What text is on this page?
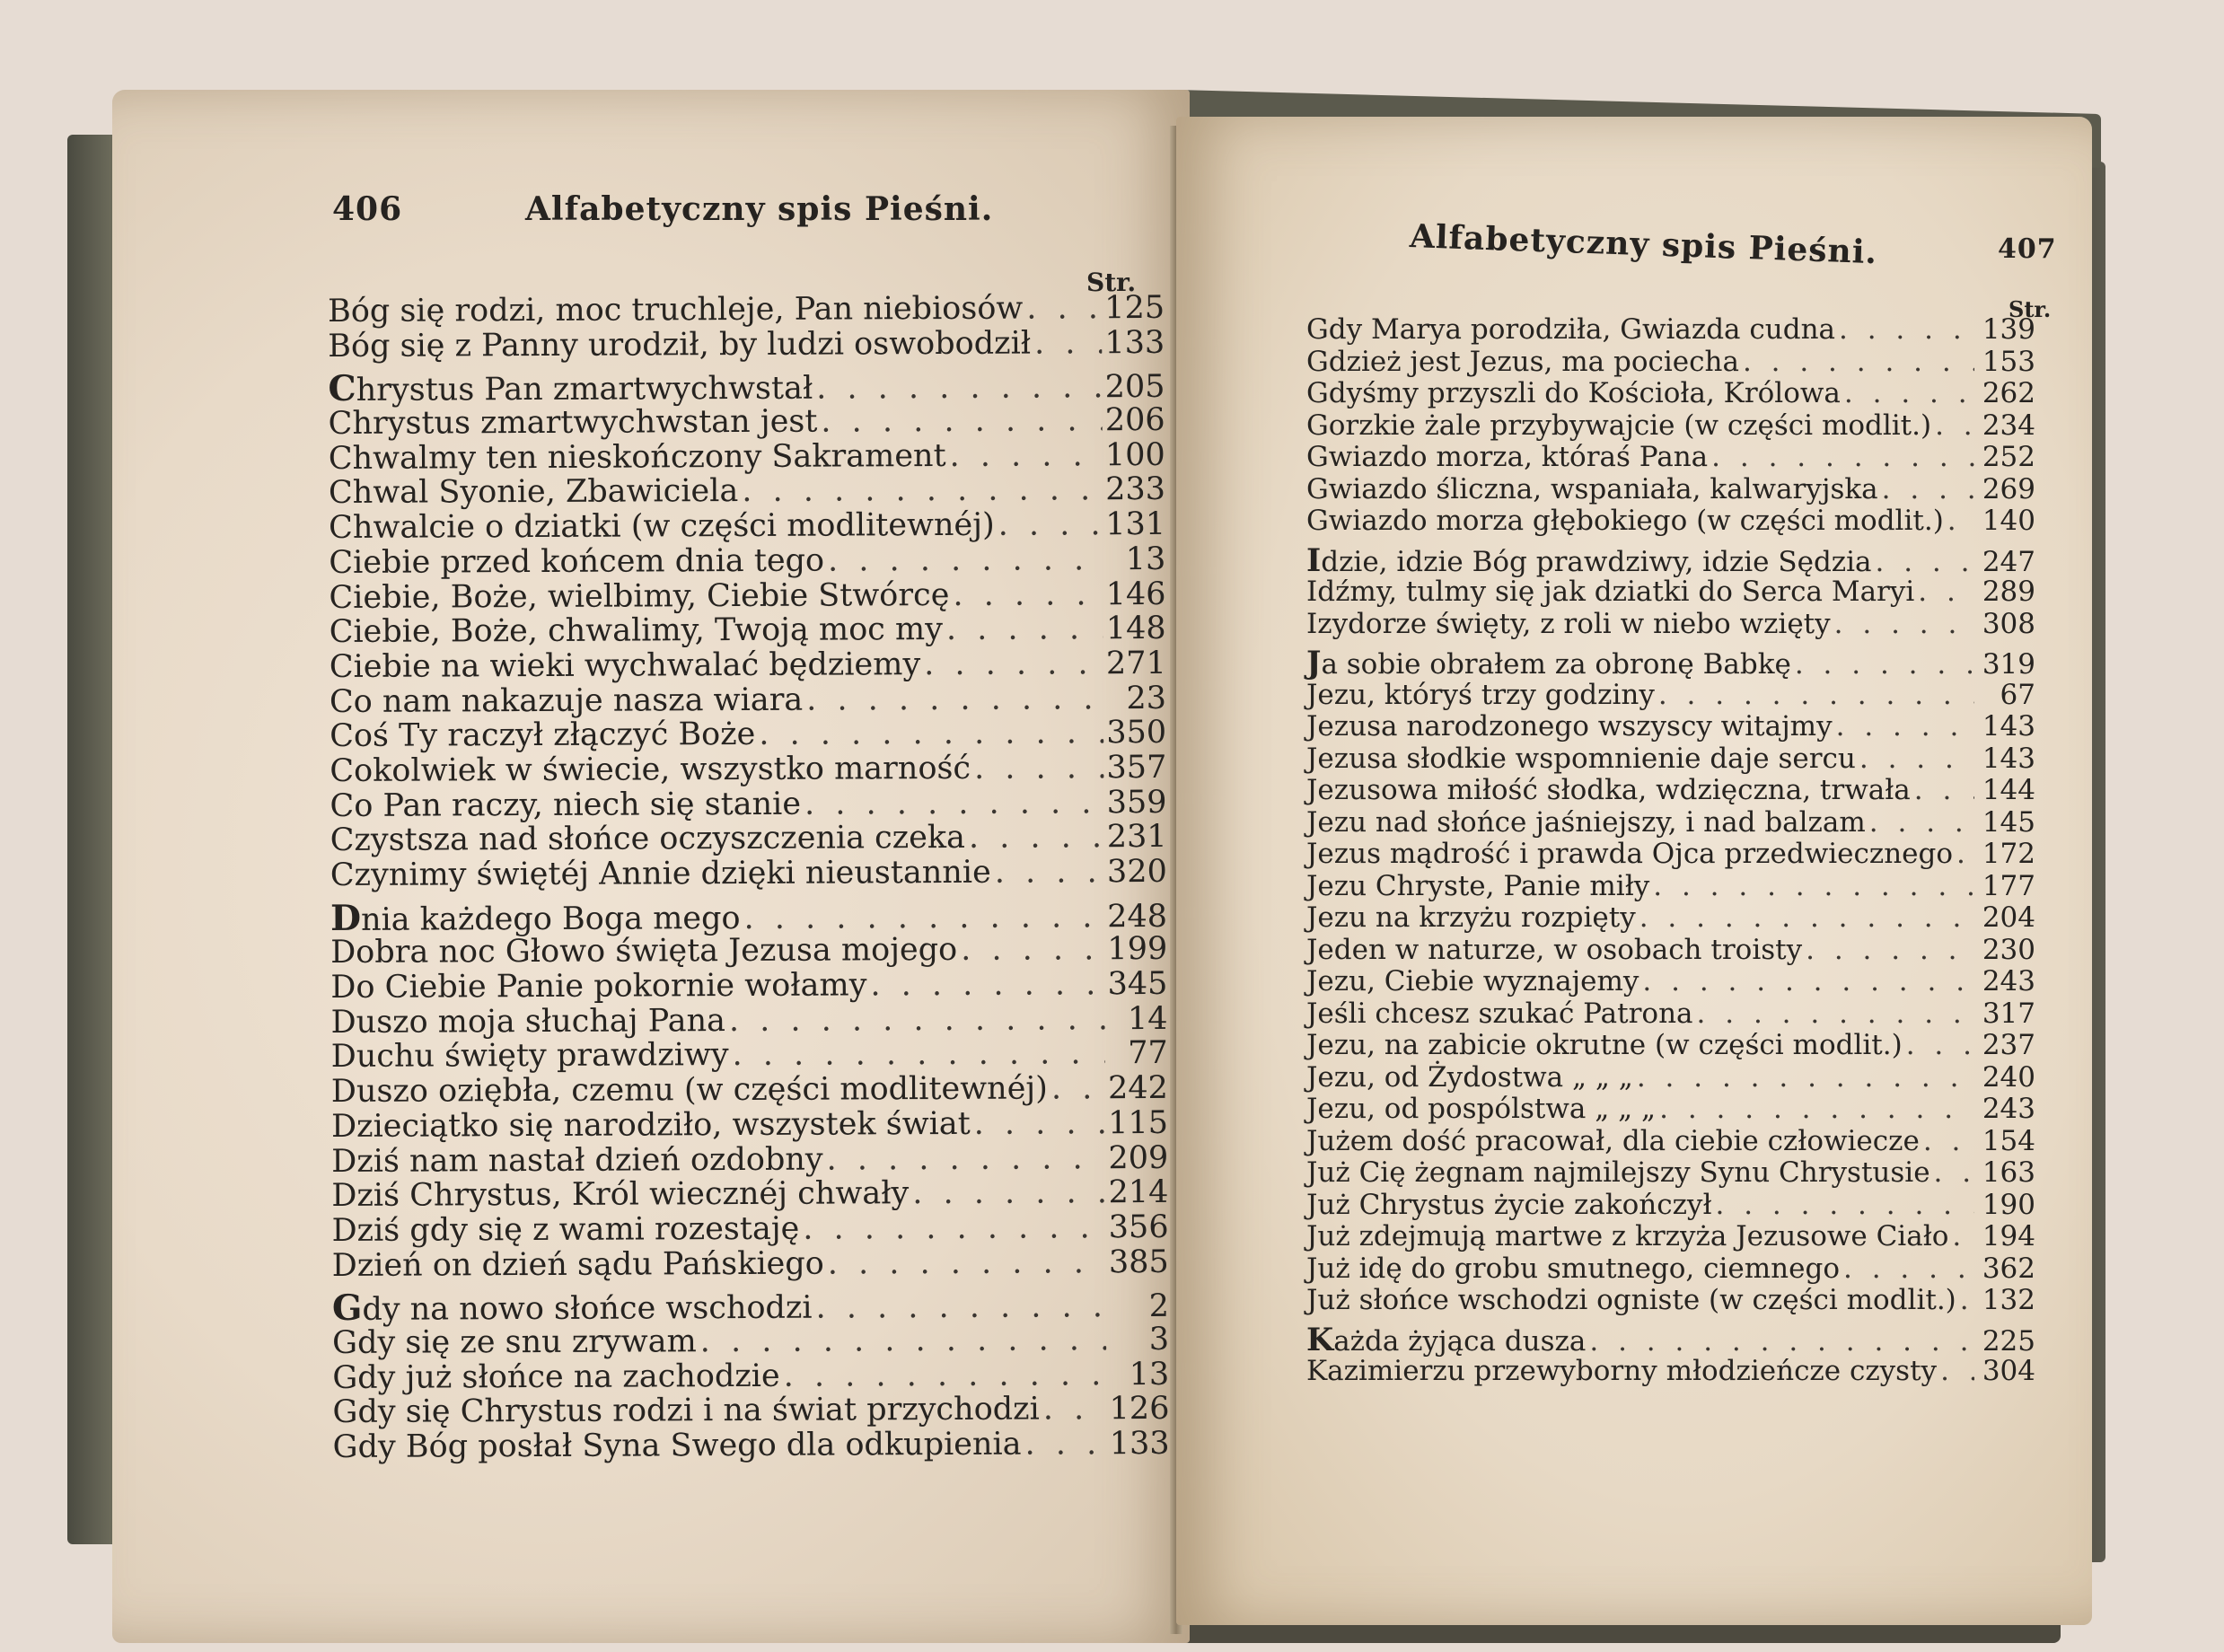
406	Alfabetyczny spis Pieśni.
Str.
Bóg się rodzi, moc truchleje, Pan niebiosów . . .	125
Bóg się z Panny urodził, by ludzi oswobodził . . . 133
Chrystus Pan zmartwychwstał . . .	205
Chrystus zmartwychwstan jest . . .	206
Chwalmy ten nieskończony Sakrament . . .	100
Chwal Syonie, Zbawiciela . . .	233
Chwalcie o dziatki (w części modlitewnéj) . . .	131
Ciebie przed końcem dnia tego . . .	13
Ciebie, Boże, wielbimy, Ciebie Stwórcę . . .	146
Ciebie, Boże, chwalimy, Twoją moc my . . .	148
Ciebie na wieki wychwalać będziemy . . .	271
Co nam nakazuje nasza wiara . . .	23
Coś Ty raczył złączyć Boże . . .	350
Cokolwiek w świecie, wszystko marność . . .	357
Co Pan raczy, niech się stanie . . .	359
Czystsza nad słońce oczyszczenia czeka . . .	231
Czynimy świętéj Annie dzięki nieustannie . . .	320
Dnia każdego Boga mego . . .	248
Dobra noc Głowo święta Jezusa mojego . . .	199
Do Ciebie Panie pokornie wołamy . . .	345
Duszo moja słuchaj Pana . . .	14
Duchu święty prawdziwy . . .	77
Duszo oziębła, czemu (w części modlitewnéj) . . . 242
Dzieciątko się narodziło, wszystek świat . . .	115
Dziś nam nastał dzień ozdobny . . .	209
Dziś Chrystus, Król wiecznéj chwały . . .	214
Dziś gdy się z wami rozestaję . . .	356
Dzień on dzień sądu Pańskiego . . .	385
Gdy na nowo słońce wschodzi . . .	2
Gdy się ze snu zrywam . . .	3
Gdy już słońce na zachodzie . . .	13
Gdy się Chrystus rodzi i na świat przychodzi . . . 126
Gdy Bóg posłał Syna Swego dla odkupienia . . .	133
Alfabetyczny spis Pieśni.	407
Str.
Gdy Marya porodziła, Gwiazda cudna . . .	139
Gdzież jest Jezus, ma pociecha . . .	153
Gdyśmy przyszli do Kościoła, Królowa . . .	262
Gorzkie żale przybywajcie (w części modlit.) . . . 234
Gwiazdo morza, któraś Pana . . .	252
Gwiazdo śliczna, wspaniała, kalwaryjska . . .	269
Gwiazdo morza głębokiego (w części modlit.) . . . 140
Idzie, idzie Bóg prawdziwy, idzie Sędzia . . .	247
Idźmy, tulmy się jak dziatki do Serca Maryi . . . 289
Izydorze święty, z roli w niebo wzięty . . .	308
Ja sobie obrałem za obronę Babkę . . .	319
Jezu, któryś trzy godziny . . .	67
Jezusa narodzonego wszyscy witajmy . . .	143
Jezusa słodkie wspomnienie daje sercu . . .	143
Jezusowa miłość słodka, wdzięczna, trwała . . .	144
Jezu nad słońce jaśniejszy, i nad balzam . . .	145
Jezus mądrość i prawda Ojca przedwiecznego . . . 172
Jezu Chryste, Panie miły . . .	177
Jezu na krzyżu rozpięty . . .	204
Jeden w naturze, w osobach troisty . . .	230
Jezu, Ciebie wyznajemy . . .	243
Jeśli chcesz szukać Patrona . . .	317
Jezu, na zabicie okrutne (w części modlit.) . . .	237
Jezu, od Żydostwa „ „ „ . . .	240
Jezu, od pospólstwa „ „ „ . . .	243
Jużem dość pracował, dla ciebie człowiecze . . . 154
Już Cię żegnam najmilejszy Synu Chrystusie . . . 163
Już Chrystus życie zakończył . . .	190
Już zdejmują martwe z krzyża Jezusowe Ciało . . . 194
Już idę do grobu smutnego, ciemnego . . .	362
Już słońce wschodzi ogniste (w części modlit.) . . . 132
Każda żyjąca dusza . . .	225
Kazimierzu przewyborny młodzieńcze czysty . . . 304
